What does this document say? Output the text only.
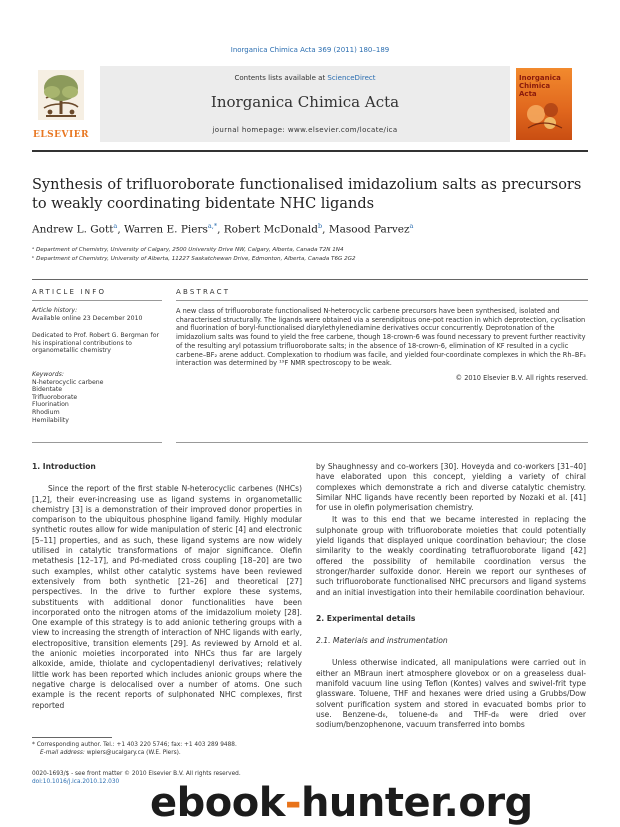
Inorganica Chimica Acta 369 (2011) 180–189
ELSEVIER
Contents lists available at ScienceDirect
Inorganica Chimica Acta
journal homepage: www.elsevier.com/locate/ica
Inorganica Chimica Acta
Synthesis of trifluoroborate functionalised imidazolium salts as precursors to weakly coordinating bidentate NHC ligands
Andrew L. Gott$^a$, Warren E. Piers$^{a,*}$, Robert McDonald$^b$, Masood Parvez$^a$
ᵃ Department of Chemistry, University of Calgary, 2500 University Drive NW, Calgary, Alberta, Canada T2N 1N4
ᵇ Department of Chemistry, University of Alberta, 11227 Saskatchewan Drive, Edmonton, Alberta, Canada T6G 2G2
ARTICLE INFO	ABSTRACT
Article history:
Available online 23 December 2010
Dedicated to Prof. Robert G. Bergman for his inspirational contributions to organometallic chemistry
Keywords:
N-heterocyclic carbene
Bidentate
Trifluoroborate
Fluorination
Rhodium
Hemilability
A new class of trifluoroborate functionalised N-heterocyclic carbene precursors have been synthesised, isolated and characterised structurally. The ligands were obtained via a serendipitous one-pot reaction in which deprotection, cyclisation and fluorination of boryl-functionalised diarylethylenediamine derivatives occur concurrently. Deprotonation of the imidazolium salts was found to yield the free carbene, though 18-crown-6 was found necessary to prevent further reactivity of the resulting aryl potassium trifluoroborate salts; in the absence of 18-crown-6, elimination of KF resulted in a cyclic carbene–BF₂ arene adduct. Complexation to rhodium was facile, and yielded four-coordinate complexes in which the Rh–BF₃ interaction was determined by ¹⁹F NMR spectroscopy to be weak.
© 2010 Elsevier B.V. All rights reserved.
1. Introduction

Since the report of the first stable N-heterocyclic carbenes (NHCs) [1,2], their ever-increasing use as ligand systems in organometallic chemistry [3] is a demonstration of their improved donor properties in comparison to the ubiquitous phosphine ligand family. Highly modular synthetic routes allow for wide manipulation of steric [4] and electronic [5–11] properties, and as such, these ligand systems are now widely utilised in catalytic transformations of major significance. Olefin metathesis [12–17], and Pd-mediated cross coupling [18–20] are two such examples, whilst other catalytic systems have been reviewed extensively from both synthetic [21–26] and theoretical [27] perspectives. In the drive to further explore these systems, substituents with additional donor functionalities have been incorporated onto the nitrogen atoms of the imidazolium moiety [28]. One example of this strategy is to add anionic tethering groups with a view to increasing the strength of interaction of NHC ligands with early, electropositive, transition elements [29]. As reviewed by Arnold et al. the anionic moieties incorporated into NHCs thus far are largely alkoxide, amide, thiolate and cyclopentadienyl derivatives; relatively little work has been reported which includes anionic groups where the negative charge is delocalised over a number of atoms. One such example is the recent reports of sulphonated NHC complexes, first reported

by Shaughnessy and co-workers [30]. Hoveyda and co-workers [31–40] have elaborated upon this concept, yielding a variety of chiral complexes which demonstrate a rich and diverse catalytic chemistry. Similar NHC ligands have recently been reported by Nozaki et al. [41] for use in olefin polymerisation chemistry.

It was to this end that we became interested in replacing the sulphonate group with trifluoroborate moieties that could potentially yield ligands that displayed unique coordination behaviour; the close similarity to the weakly coordinating tetrafluoroborate ligand [42] offered the possibility of hemilabile coordination versus the stronger/harder sulfoxide donor. Herein we report our syntheses of such trifluoroborate functionalised NHC precursors and ligand systems and an initial investigation into their hemilabile coordination behaviour.

2. Experimental details
2.1. Materials and instrumentation

Unless otherwise indicated, all manipulations were carried out in either an MBraun inert atmosphere glovebox or on a greaseless dual-manifold vacuum line using Teflon (Kontes) valves and swivel-frit type glassware. Toluene, THF and hexanes were dried using a Grubbs/Dow solvent purification system and stored in evacuated bombs prior to use. Benzene-d₆, toluene-d₈ and THF-d₈ were dried over sodium/benzophenone, vacuum transferred into bombs

* Corresponding author. Tel.: +1 403 220 5746; fax: +1 403 289 9488.
E-mail address: wpiers@ucalgary.ca (W.E. Piers).
0020-1693/$ - see front matter © 2010 Elsevier B.V. All rights reserved.
doi:10.1016/j.ica.2010.12.030 ebook-hunter.org
